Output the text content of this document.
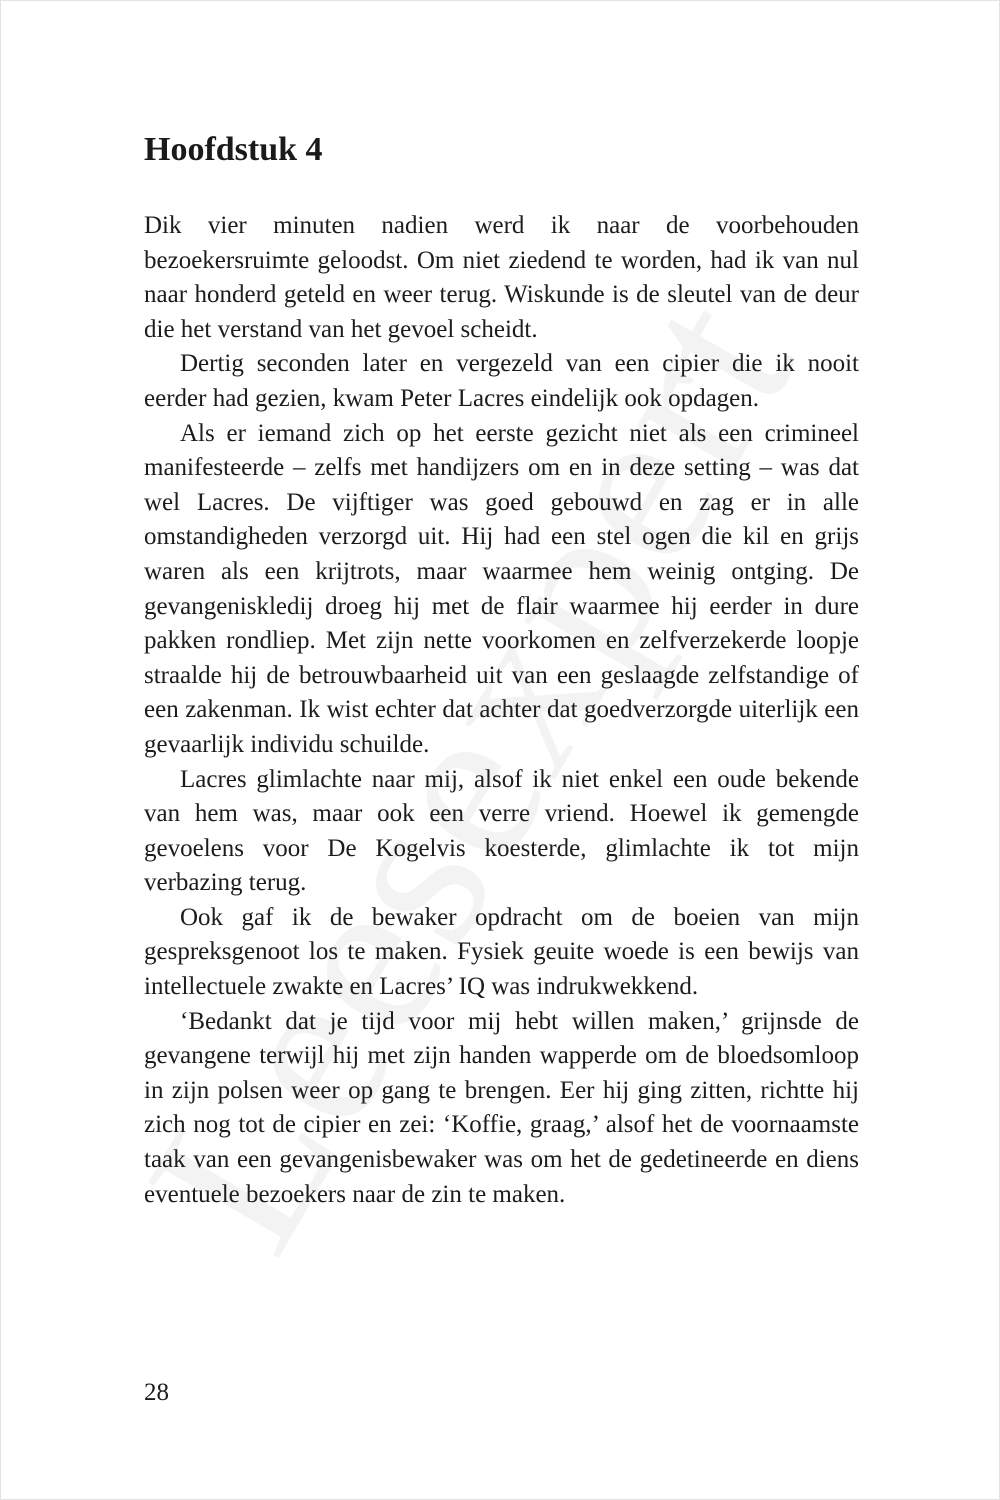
Hoofdstuk 4

Dik vier minuten nadien werd ik naar de voorbehouden bezoekersruimte geloodst. Om niet ziedend te worden, had ik van nul naar honderd geteld en weer terug. Wiskunde is de sleutel van de deur die het verstand van het gevoel scheidt.

Dertig seconden later en vergezeld van een cipier die ik nooit eerder had gezien, kwam Peter Lacres eindelijk ook opdagen.

Als er iemand zich op het eerste gezicht niet als een crimineel manifesteerde – zelfs met handijzers om en in deze setting – was dat wel Lacres. De vijftiger was goed gebouwd en zag er in alle omstandigheden verzorgd uit. Hij had een stel ogen die kil en grijs waren als een krijtrots, maar waarmee hem weinig ontging. De gevangeniskledij droeg hij met de flair waarmee hij eerder in dure pakken rondliep. Met zijn nette voorkomen en zelfverzekerde loopje straalde hij de betrouwbaarheid uit van een geslaagde zelfstandige of een zakenman. Ik wist echter dat achter dat goedverzorgde uiterlijk een gevaarlijk individu schuilde.

Lacres glimlachte naar mij, alsof ik niet enkel een oude bekende van hem was, maar ook een verre vriend. Hoewel ik gemengde gevoelens voor De Kogelvis koesterde, glimlachte ik tot mijn verbazing terug.

Ook gaf ik de bewaker opdracht om de boeien van mijn gespreksgenoot los te maken. Fysiek geuite woede is een bewijs van intellectuele zwakte en Lacres’ IQ was indrukwekkend.

‘Bedankt dat je tijd voor mij hebt willen maken,’ grijnsde de gevangene terwijl hij met zijn handen wapperde om de bloedsomloop in zijn polsen weer op gang te brengen. Eer hij ging zitten, richtte hij zich nog tot de cipier en zei: ‘Koffie, graag,’ alsof het de voornaamste taak van een gevangenisbewaker was om het de gedetineerde en diens eventuele bezoekers naar de zin te maken.

28
